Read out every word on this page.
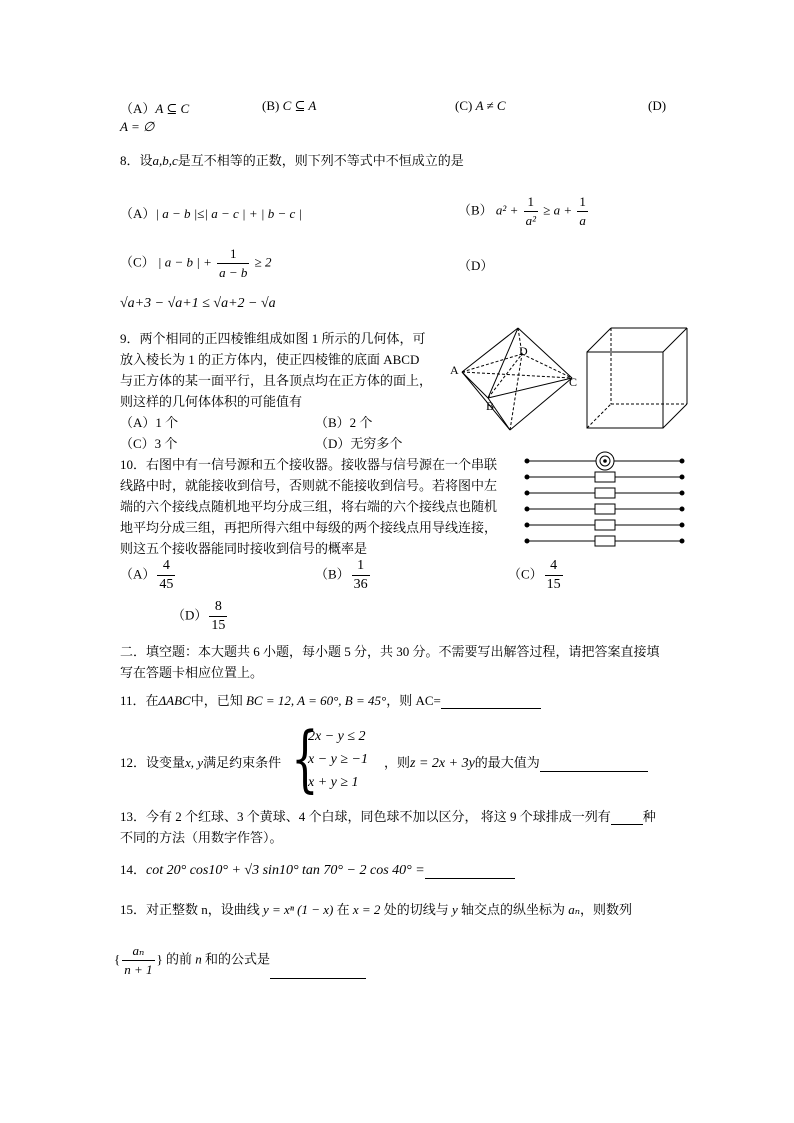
（A）A ⊆ C	(B) C ⊆ A	(C) A ≠ C	(D)
A = ∅
8．设a,b,c是互不相等的正数，则下列不等式中不恒成立的是
（A）| a − b |≤| a − c | + | b − c |	（B） $a^2 + \frac{1}{\text{a²}} \ge a + \frac{1}{a}$
（C） | a − b | + $\frac{1}{a - b} \ge 2$	（D）
√a+3 − √a+1 ≤ √a+2 − √a
9．两个相同的正四棱锥组成如图 1 所示的几何体，可
放入棱长为 1 的正方体内，使正四棱锥的底面 ABCD
与正方体的某一面平行，且各顶点均在正方体的面上，
则这样的几何体体积的可能值有
（A）1 个	（B）2 个
（C）3 个	（D）无穷多个
A
B
C
D
10．右图中有一信号源和五个接收器。接收器与信号源在一个串联
线路中时，就能接收到信号，否则就不能接收到信号。若将图中左
端的六个接线点随机地平均分成三组，将右端的六个接线点也随机
地平均分成三组，再把所得六组中每级的两个接线点用导线连接，
则这五个接收器能同时接收到信号的概率是
$(A) \frac{4}{45}$	$(B) \frac{1}{36}$	$(C) \frac{4}{15}$
$(D) \frac{8}{15}$
二．填空题：本大题共 6 小题，每小题 5 分，共 30 分。不需要写出解答过程，请把答案直接填
写在答题卡相应位置上。
11．在ΔABC中，已知 BC = 12, A = 60°, B = 45°，则 AC=
12．设变量x, y满足约束条件 {
2x − y ≤ 2
x − y ≥ −1
x + y ≥ 1
，则z = 2x + 3y的最大值为
13．今有 2 个红球、3 个黄球、4 个白球，同色球不加以区分， 将这 9 个球排成一列有 种
不同的方法（用数字作答）。
14．cot 20° cos10° + √3 sin10° tan 70° − 2 cos 40° =
15．对正整数 n，设曲线 y = xⁿ (1 − x) 在 x = 2 处的切线与 y 轴交点的纵坐标为 aₙ，则数列
{ $\frac{\text{aₙ}}{n + 1}$ } 的前 n 和的公式是
